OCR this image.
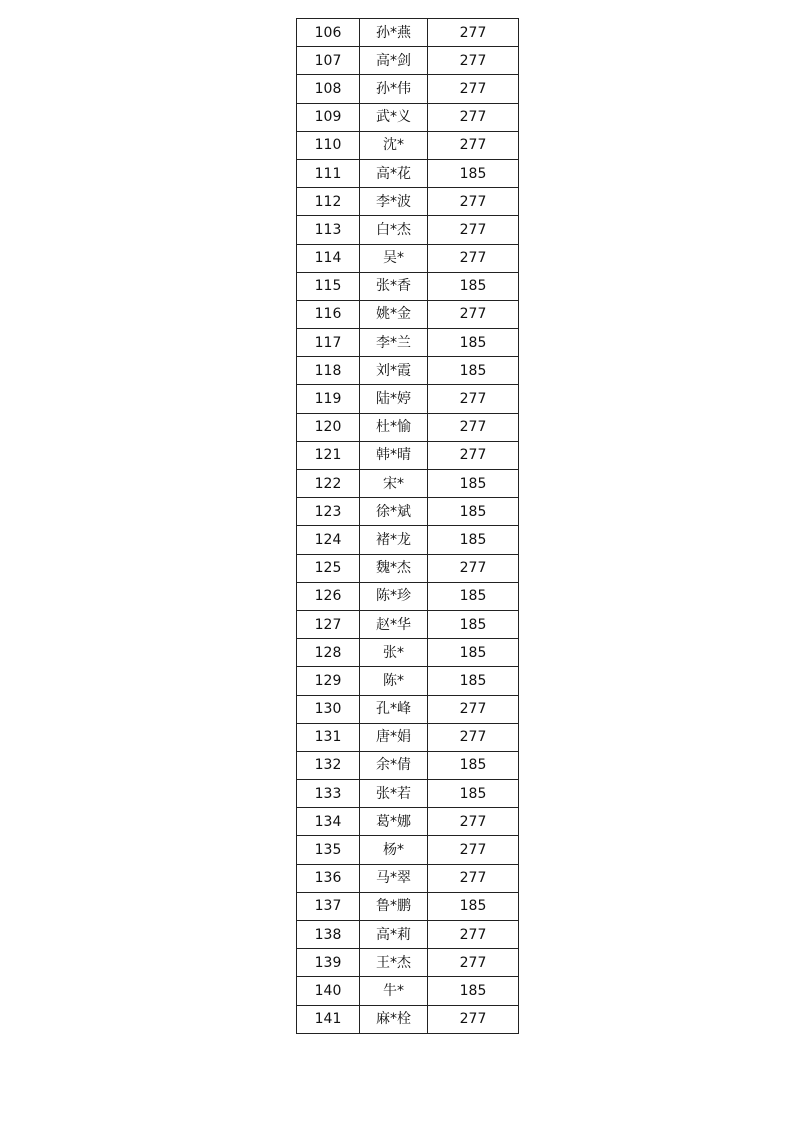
106	孙*燕	277
107	高*剑	277
108	孙*伟	277
109	武*义	277
110	沈*	277
111	高*花	185
112	李*波	277
113	白*杰	277
114	吴*	277
115	张*香	185
116	姚*金	277
117	李*兰	185
118	刘*霞	185
119	陆*婷	277
120	杜*愉	277
121	韩*晴	277
122	宋*	185
123	徐*斌	185
124	褚*龙	185
125	魏*杰	277
126	陈*珍	185
127	赵*华	185
128	张*	185
129	陈*	185
130	孔*峰	277
131	唐*娟	277
132	余*倩	185
133	张*若	185
134	葛*娜	277
135	杨*	277
136	马*翠	277
137	鲁*鹏	185
138	高*莉	277
139	王*杰	277
140	牛*	185
141	麻*栓	277
